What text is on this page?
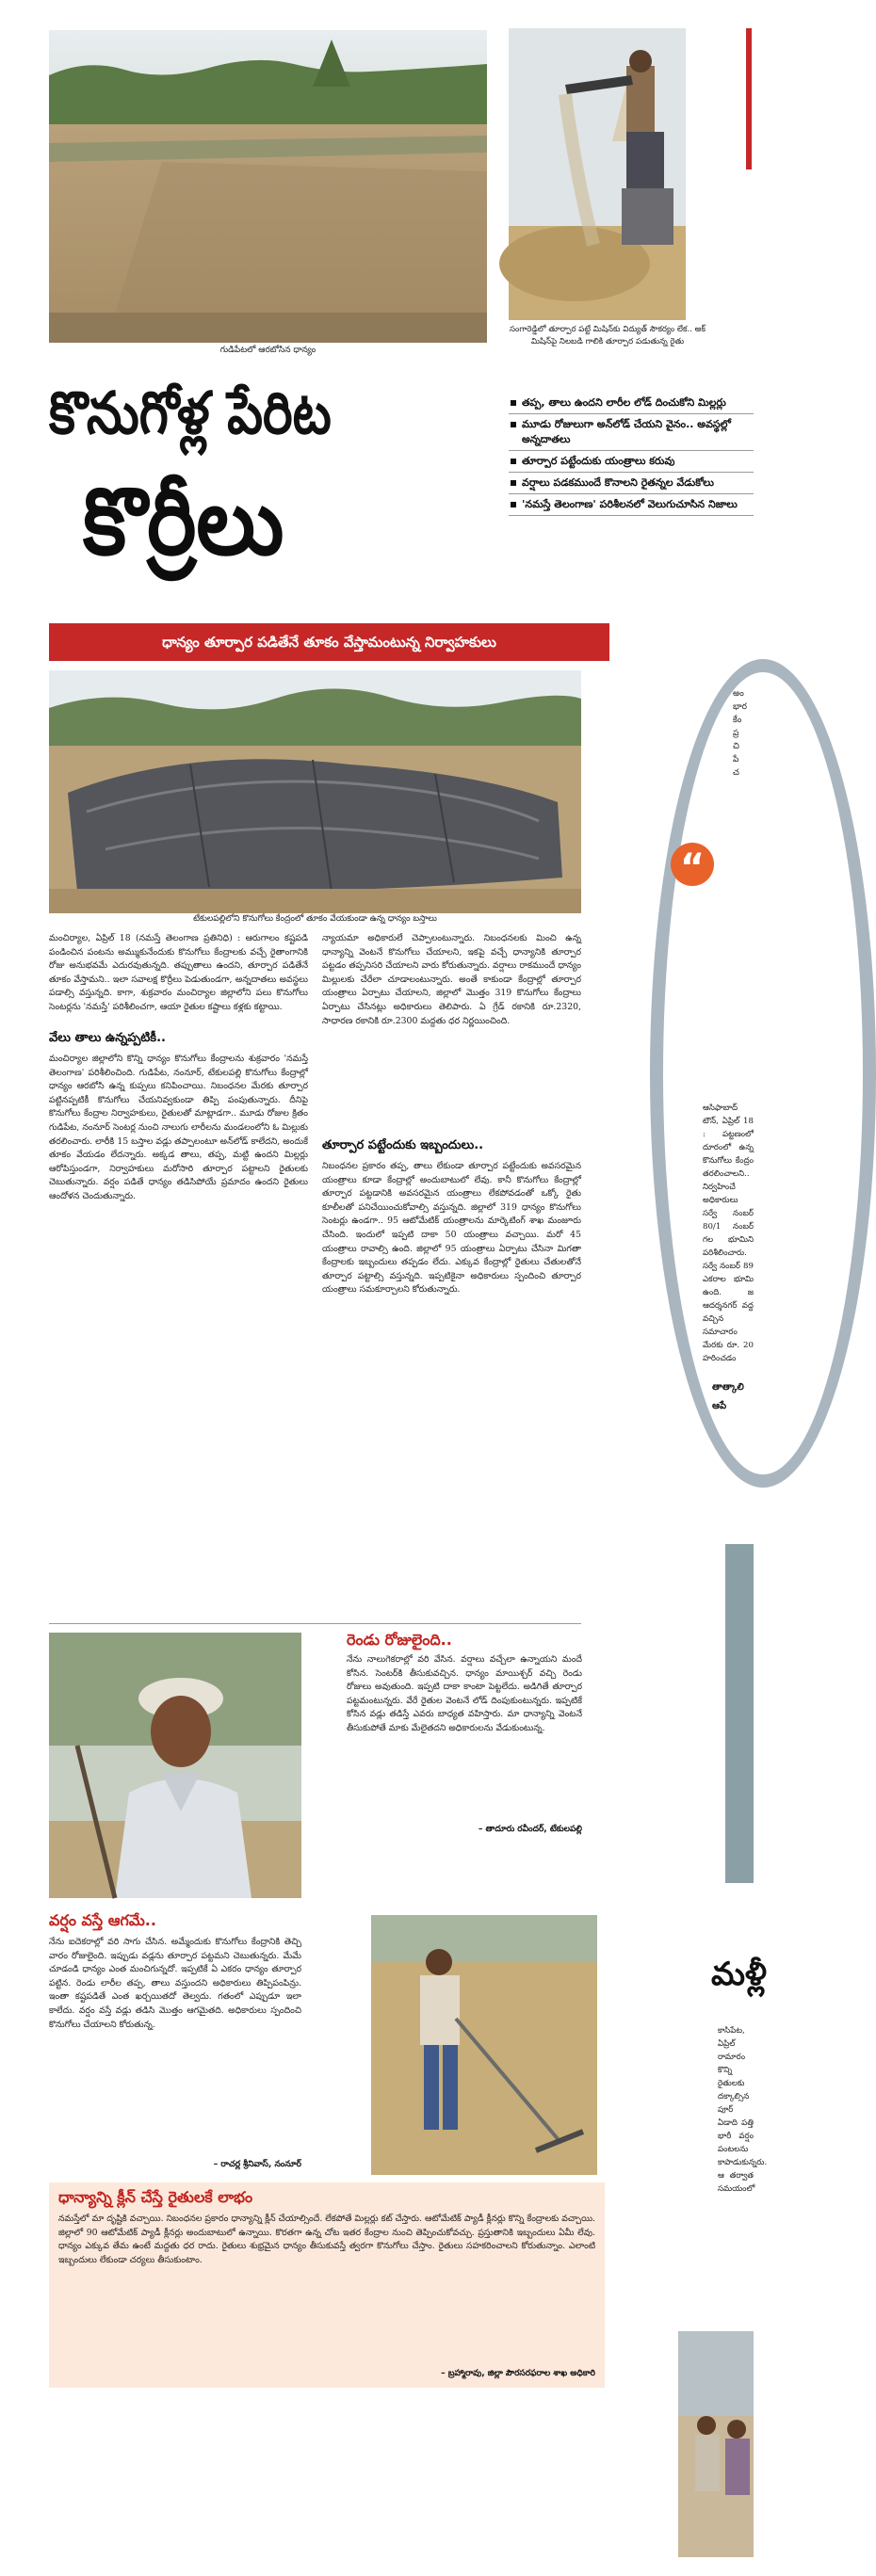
గుడిపేటలో ఆరబోసిన ధాన్యం
సంగారెడ్డిలో తూర్పార పట్టే మిషిన్‌కు విద్యుత్ సౌకర్యం లేక.. అక్‌ మిషిన్‌పై నిలబడి గాలికి తూర్పార పడుతున్న రైతు
కొనుగోళ్ల పేరిట
కొర్రీలు
తప్ప, తాలు ఉందని లారీల లోడ్ దించుకోని మిల్లర్లు
మూడు రోజులుగా అన్‌లోడ్ చేయని వైనం.. అవస్థల్లో అన్నదాతలు
తూర్పార పట్టేందుకు యంత్రాలు కరువు
వర్షాలు పడకముందే కొనాలని రైతన్నల వేడుకోలు
'నమస్తే తెలంగాణ' పరిశీలనలో వెలుగుచూసిన నిజాలు
ధాన్యం తూర్పార పడితేనే తూకం వేస్తామంటున్న నిర్వాహకులు
టేకులపల్లిలోని కొనుగోలు కేంద్రంలో తూకం వేయకుండా ఉన్న ధాన్యం బస్తాలు
మంచిర్యాల, ఏప్రిల్ 18 (నమస్తే తెలంగాణ ప్రతినిధి) : ఆరుగాలం కష్టపడి పండించిన పంటను అమ్ముకునేందుకు కొనుగోలు కేంద్రాలకు వచ్చే రైతాంగానికి రోజు అనుభవమే ఎదురవుతున్నది. తప్పుతాలు ఉందని, తూర్పార పడితేనే తూకం వేస్తామని.. ఇలా సవాలక్ష కొర్రీలు పెడుతుండగా, అన్నదాతలు అవస్థలు పడాల్సి వస్తున్నది. కాగా, శుక్రవారం మంచిర్యాల జిల్లాలోని పలు కొనుగోలు సెంటర్లను 'నమస్తే' పరిశీలించగా, ఆయా రైతుల కష్టాలు కళ్లకు కట్టాయి.
వేలు తాలు ఉన్నప్పటికీ..
మంచిర్యాల జిల్లాలోని కొన్ని ధాన్యం కొనుగోలు కేంద్రాలను శుక్రవారం 'నమస్తే తెలంగాణ' పరిశీలించింది. గుడిపేట, నంనూర్, టేకులపల్లి కొనుగోలు కేంద్రాల్లో ధాన్యం ఆరబోసి ఉన్న కుప్పలు కనిపించాయి. నిబంధనల మేరకు తూర్పార పట్టినప్పటికీ కొనుగోలు చేయనివ్వకుండా తిప్పి పంపుతున్నారు. దీనిపై కొనుగోలు కేంద్రాల నిర్వాహకులు, రైతులతో మాట్లాడగా.. మూడు రోజుల క్రితం గుడిపేట, నంనూర్ సెంటర్ల నుంచి నాలుగు లారీలను మండలంలోని ఓ మిల్లుకు తరలించారు. లారీకి 15 బస్తాల వడ్లు తప్పాలంటూ అన్‌లోడ్ కాలేదని, అందుకే తూకం వేయడం లేదన్నారు. అక్కడ తాలు, తప్ప, మట్టి ఉందని మిల్లర్లు ఆరోపిస్తుండగా, నిర్వాహకులు మరోసారి తూర్పార పట్టాలని రైతులకు చెబుతున్నారు. వర్షం పడితే ధాన్యం తడిసిపోయే ప్రమాదం ఉందని రైతులు ఆందోళన చెందుతున్నారు.
న్యాయమా అధికారులే చెప్పాలంటున్నారు. నిబంధనలకు మించి ఉన్న ధాన్యాన్ని వెంటనే కొనుగోలు చేయాలని, ఇకపై వచ్చే ధాన్యానికి తూర్పార పట్టడం తప్పనిసరి చేయాలని వారు కోరుతున్నారు. వర్షాలు రాకముందే ధాన్యం మిల్లులకు చేరేలా చూడాలంటున్నారు. అంతే కాకుండా కేంద్రాల్లో తూర్పార యంత్రాలు ఏర్పాటు చేయాలని, జిల్లాలో మొత్తం 319 కొనుగోలు కేంద్రాలు ఏర్పాటు చేసినట్లు అధికారులు తెలిపారు. ఏ గ్రేడ్ రకానికి రూ.2320, సాధారణ రకానికి రూ.2300 మద్దతు ధర నిర్ణయించింది.
తూర్పార పట్టేందుకు ఇబ్బందులు..
నిబంధనల ప్రకారం తప్ప, తాలు లేకుండా తూర్పార పట్టేందుకు అవసరమైన యంత్రాలు కూడా కేంద్రాల్లో అందుబాటులో లేవు. కానీ కొనుగోలు కేంద్రాల్లో తూర్పార పట్టడానికి అవసరమైన యంత్రాలు లేకపోవడంతో ఒక్కో రైతు కూలీలతో పనిచేయించుకోవాల్సి వస్తున్నది. జిల్లాలో 319 ధాన్యం కొనుగోలు సెంటర్లు ఉండగా.. 95 ఆటోమేటిక్ యంత్రాలను మార్కెటింగ్ శాఖ మంజూరు చేసింది. ఇందులో ఇప్పటి దాకా 50 యంత్రాలు వచ్చాయి. మరో 45 యంత్రాలు రావాల్సి ఉంది. జిల్లాలో 95 యంత్రాలు ఏర్పాటు చేసినా మిగతా కేంద్రాలకు ఇబ్బందులు తప్పడం లేదు. ఎక్కువ కేంద్రాల్లో రైతులు చేతులతోనే తూర్పార పట్టాల్సి వస్తున్నది. ఇప్పటికైనా అధికారులు స్పందించి తూర్పార యంత్రాలు సమకూర్చాలని కోరుతున్నారు.
రెండు రోజులైంది..
నేను నాలుగెకరాల్లో వరి వేసిన. వర్షాలు వచ్చేలా ఉన్నాయని మందే కోసిన. సెంటర్‌కి తీసుకువచ్చిన. ధాన్యం మాయిశ్చర్ వచ్చి రెండు రోజులు అవుతుంది. ఇప్పటి దాకా కాంటా పెట్టలేదు. అడిగితే తూర్పార పట్టమంటున్నరు. వేరే రైతుల వెంటనే లోడ్ దింపుకుంటున్నరు. ఇప్పటికే కోసిన వడ్లు తడిస్తే ఎవరు బాధ్యత వహిస్తారు. మా ధాన్యాన్ని వెంటనే తీసుకుపోతే మాకు మేలైతదని అధికారులను వేడుకుంటున్న.
– తాదూరు రవీందర్, టేకులపల్లి
వర్షం వస్తే ఆగమే..
నేను ఐదెకరాల్లో వరి సాగు చేసిన. అమ్మేందుకు కొనుగోలు కేంద్రానికి తెచ్చి వారం రోజులైంది. ఇప్పుడు వడ్లను తూర్పార పట్టమని చెబుతున్నరు. మేమే చూడండి ధాన్యం ఎంత మంచిగున్నదో. ఇప్పటికే ఏ ఎకరం ధాన్యం తూర్పార పట్టిన. రెండు లారీల తప్ప, తాలు వస్తుందని అధికారులు తిప్పిపంపిన్రు. ఇంతా కష్టపడితే ఎంత ఖర్చయితదో తెల్వదు. గతంలో ఎప్పుడూ ఇలా కాలేదు. వర్షం వస్తే వడ్లు తడిసి మొత్తం ఆగమైతది. అధికారులు స్పందించి కొనుగోలు చేయాలని కోరుతున్న.
– రాచర్ల శ్రీనివాస్, నంనూర్
ధాన్యాన్ని క్లీన్ చేస్తే రైతులకే లాభం
నమస్తేలో మా దృష్టికి వచ్చాయి. నిబంధనల ప్రకారం ధాన్యాన్ని క్లీన్ చేయాల్సిందే. లేకపోతే మిల్లర్లు కట్ చేస్తారు. ఆటోమేటిక్ ప్యాడీ క్లీనర్లు కొన్ని కేంద్రాలకు వచ్చాయి. జిల్లాలో 90 ఆటోమేటిక్ ప్యాడీ క్లీనర్లు అందుబాటులో ఉన్నాయి. కొరతగా ఉన్న చోట ఇతర కేంద్రాల నుంచి తెప్పించుకోవచ్చు. ప్రస్తుతానికి ఇబ్బందులు ఏమీ లేవు. ధాన్యం ఎక్కువ తేమ ఉంటే మద్దతు ధర రాదు. రైతులు శుభ్రమైన ధాన్యం తీసుకువస్తే త్వరగా కొనుగోలు చేస్తాం. రైతులు సహకరించాలని కోరుతున్నాం. ఎలాంటి ఇబ్బందులు లేకుండా చర్యలు తీసుకుంటాం.
– బ్రహ్మారావు, జిల్లా పౌరసరఫరాల శాఖ అధికారి
అం
భార
కేం
ప్ర
చి
పే
చ
“
ఆసిఫాబాద్ టౌన్, ఏప్రిల్ 18 : పట్టణంలో దూరంలో ఉన్న కొనుగోలు కేంద్రం తరలించాలని.. నిర్వహించే అధికారులు సర్వే నంబర్ 80/1 నంబర్ గల భూమిని పరిశీలించారు. సర్వే నంబర్ 89 ఎకరాల భూమి ఉంది. జ ఆదర్శనగర్ వద్ద వచ్చిన సమాచారం మేరకు రూ. 20 హరించడం
తాత్కాలి
ఆపే
మళ్లీ
కాసిపేట, ఏప్రిల్ రామారం కొన్ని రైతులకు దక్కాల్సిన పూర్ ఏడాది పత్తి భారీ వర్షం పంటలను కాపాడుకున్నరు. ఆ తర్వాత సమయంలో
